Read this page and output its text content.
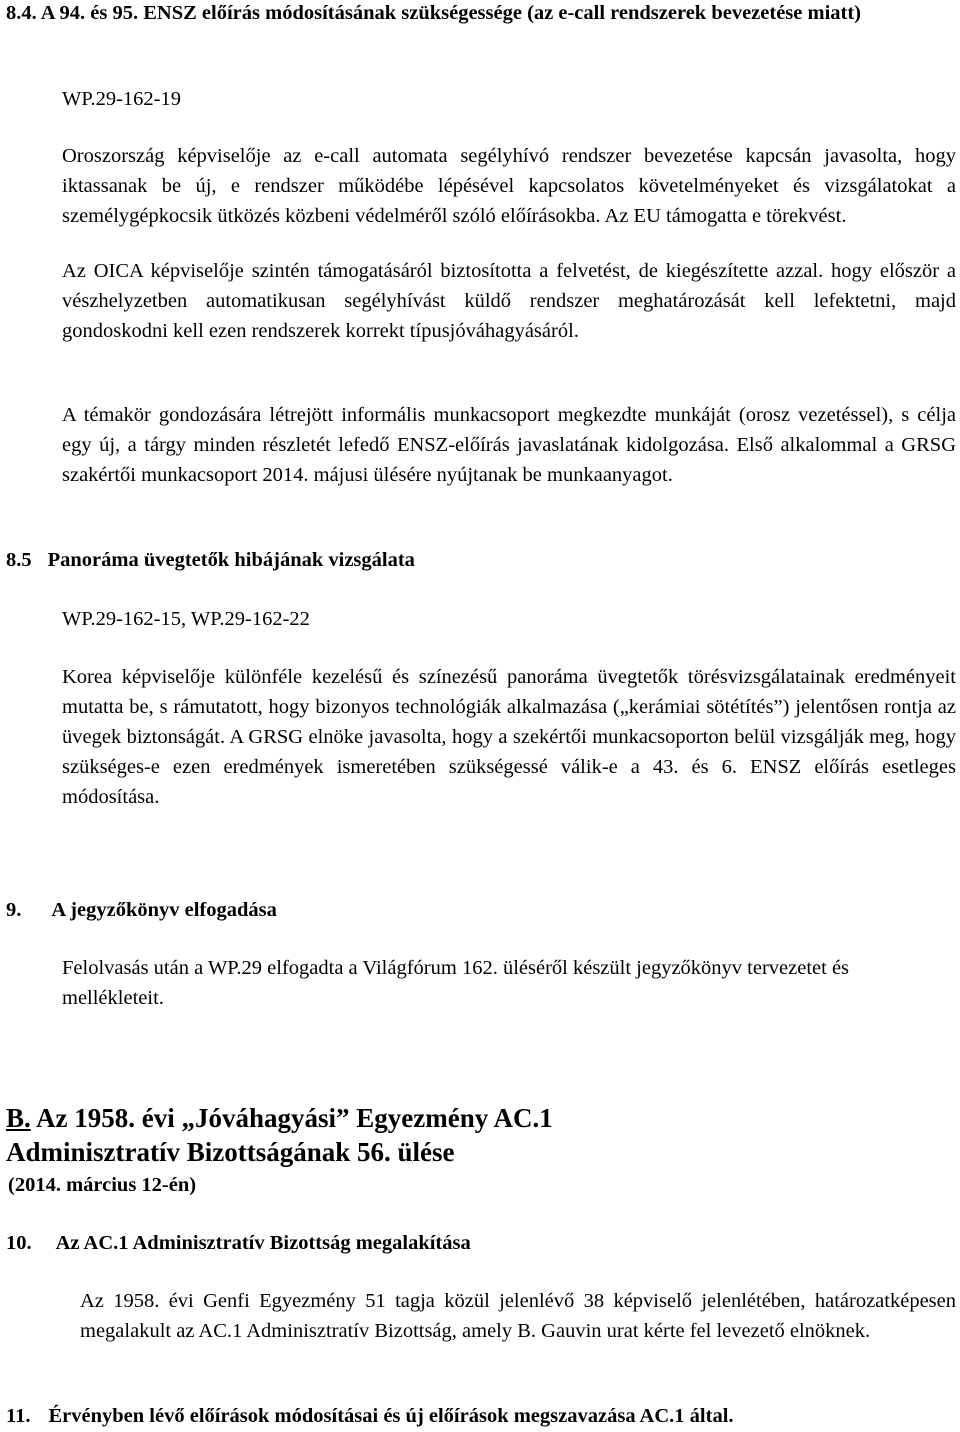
8.4. A 94. és 95. ENSZ előírás módosításának szükségessége (az e-call rendszerek bevezetése miatt)

WP.29-162-19

Oroszország képviselője az e-call automata segélyhívó rendszer bevezetése kapcsán javasolta, hogy iktassanak be új, e rendszer működébe lépésével kapcsolatos követelményeket és vizsgálatokat a személygépkocsik ütközés közbeni védelméről szóló előírásokba. Az EU támogatta e törekvést.

Az OICA képviselője szintén támogatásáról biztosította a felvetést, de kiegészítette azzal. hogy először a vészhelyzetben automatikusan segélyhívást küldő rendszer meghatározását kell lefektetni, majd gondoskodni kell ezen rendszerek korrekt típusjóváhagyásáról.

A témakör gondozására létrejött informális munkacsoport megkezdte munkáját (orosz vezetéssel), s célja egy új, a tárgy minden részletét lefedő ENSZ-előírás javaslatának kidolgozása. Első alkalommal a GRSG szakértői munkacsoport 2014. májusi ülésére nyújtanak be munkaanyagot.

8.5 Panoráma üvegtetők hibájának vizsgálata

WP.29-162-15, WP.29-162-22

Korea képviselője különféle kezelésű és színezésű panoráma üvegtetők törésvizsgálatainak eredményeit mutatta be, s rámutatott, hogy bizonyos technológiák alkalmazása („kerámiai sötétítés”) jelentősen rontja az üvegek biztonságát. A GRSG elnöke javasolta, hogy a szekértői munkacsoporton belül vizsgálják meg, hogy szükséges-e ezen eredmények ismeretében szükségessé válik-e a 43. és 6. ENSZ előírás esetleges módosítása.

9. A jegyzőkönyv elfogadása

Felolvasás után a WP.29 elfogadta a Világfórum 162. üléséről készült jegyzőkönyv tervezetet és mellékleteit.

B. Az 1958. évi „Jóváhagyási” Egyezmény AC.1
Adminisztratív Bizottságának 56. ülése

(2014. március 12-én)

10. Az AC.1 Adminisztratív Bizottság megalakítása

Az 1958. évi Genfi Egyezmény 51 tagja közül jelenlévő 38 képviselő jelenlétében, határozatképesen megalakult az AC.1 Adminisztratív Bizottság, amely B. Gauvin urat kérte fel levezető elnöknek.

11. Érvényben lévő előírások módosításai és új előírások megszavazása AC.1 által.
